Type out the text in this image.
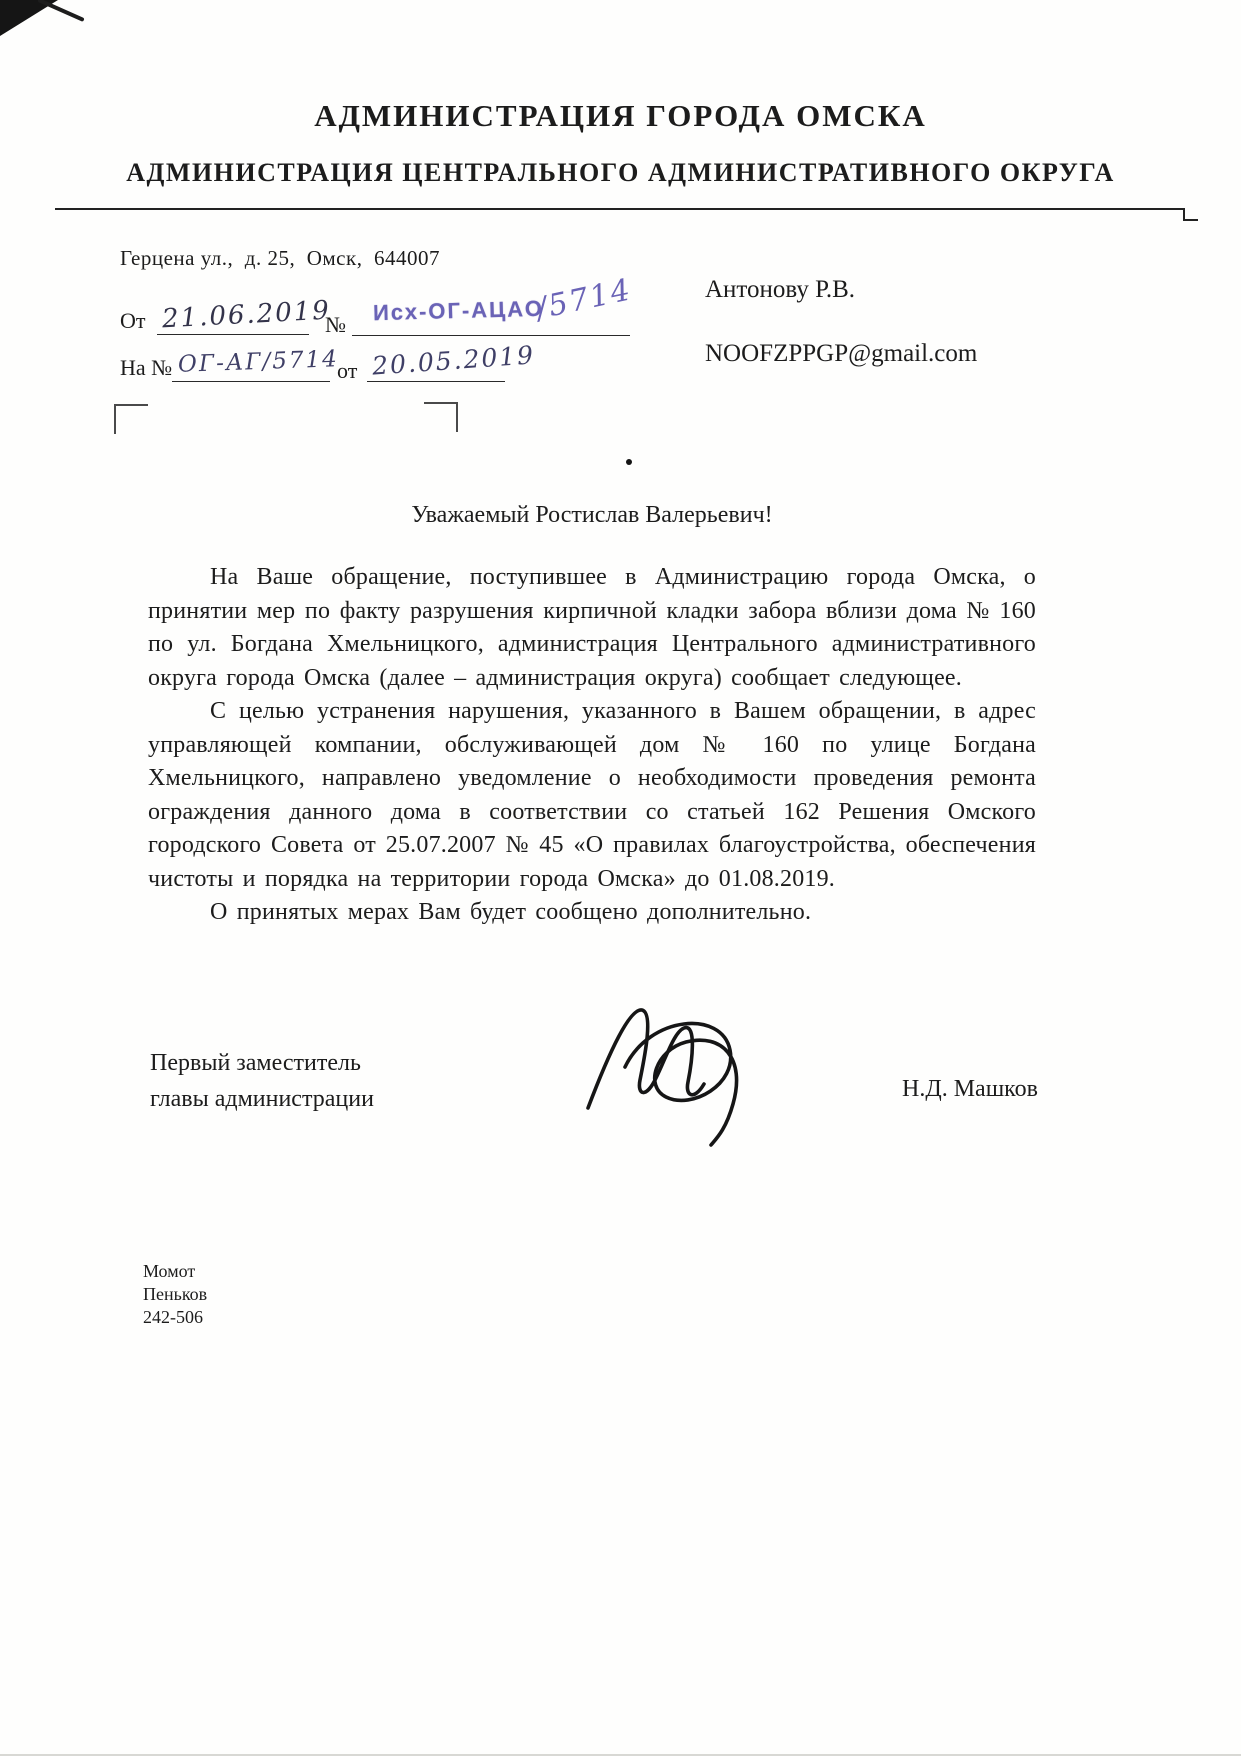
АДМИНИСТРАЦИЯ ГОРОДА ОМСКА
АДМИНИСТРАЦИЯ ЦЕНТРАЛЬНОГО АДМИНИСТРАТИВНОГО ОКРУГА
Герцена ул.,  д. 25,  Омск,  644007
От 21.06.2019
№ Исх-ОГ-АЦАО
/5714
На № ОГ-АГ/5714
от 20.05.2019
Антонову Р.В.
NOOFZPPGP@gmail.com

Уважаемый Ростислав Валерьевич!

На Ваше обращение, поступившее в Администрацию города Омска, о принятии мер по факту разрушения кирпичной кладки забора вблизи дома № 160 по ул. Богдана Хмельницкого, администрация Центрального административного округа города Омска (далее – администрация округа) сообщает следующее.

С целью устранения нарушения, указанного в Вашем обращении, в адрес управляющей компании, обслуживающей дом № 160 по улице Богдана Хмельницкого, направлено уведомление о необходимости проведения ремонта ограждения данного дома в соответствии со статьей 162 Решения Омского городского Совета от 25.07.2007 № 45 «О правилах благоустройства, обеспечения чистоты и порядка на территории города Омска» до 01.08.2019.

О принятых мерах Вам будет сообщено дополнительно.

Первый заместитель
главы администрации	Н.Д. Машков
Момот
Пеньков
242-506
